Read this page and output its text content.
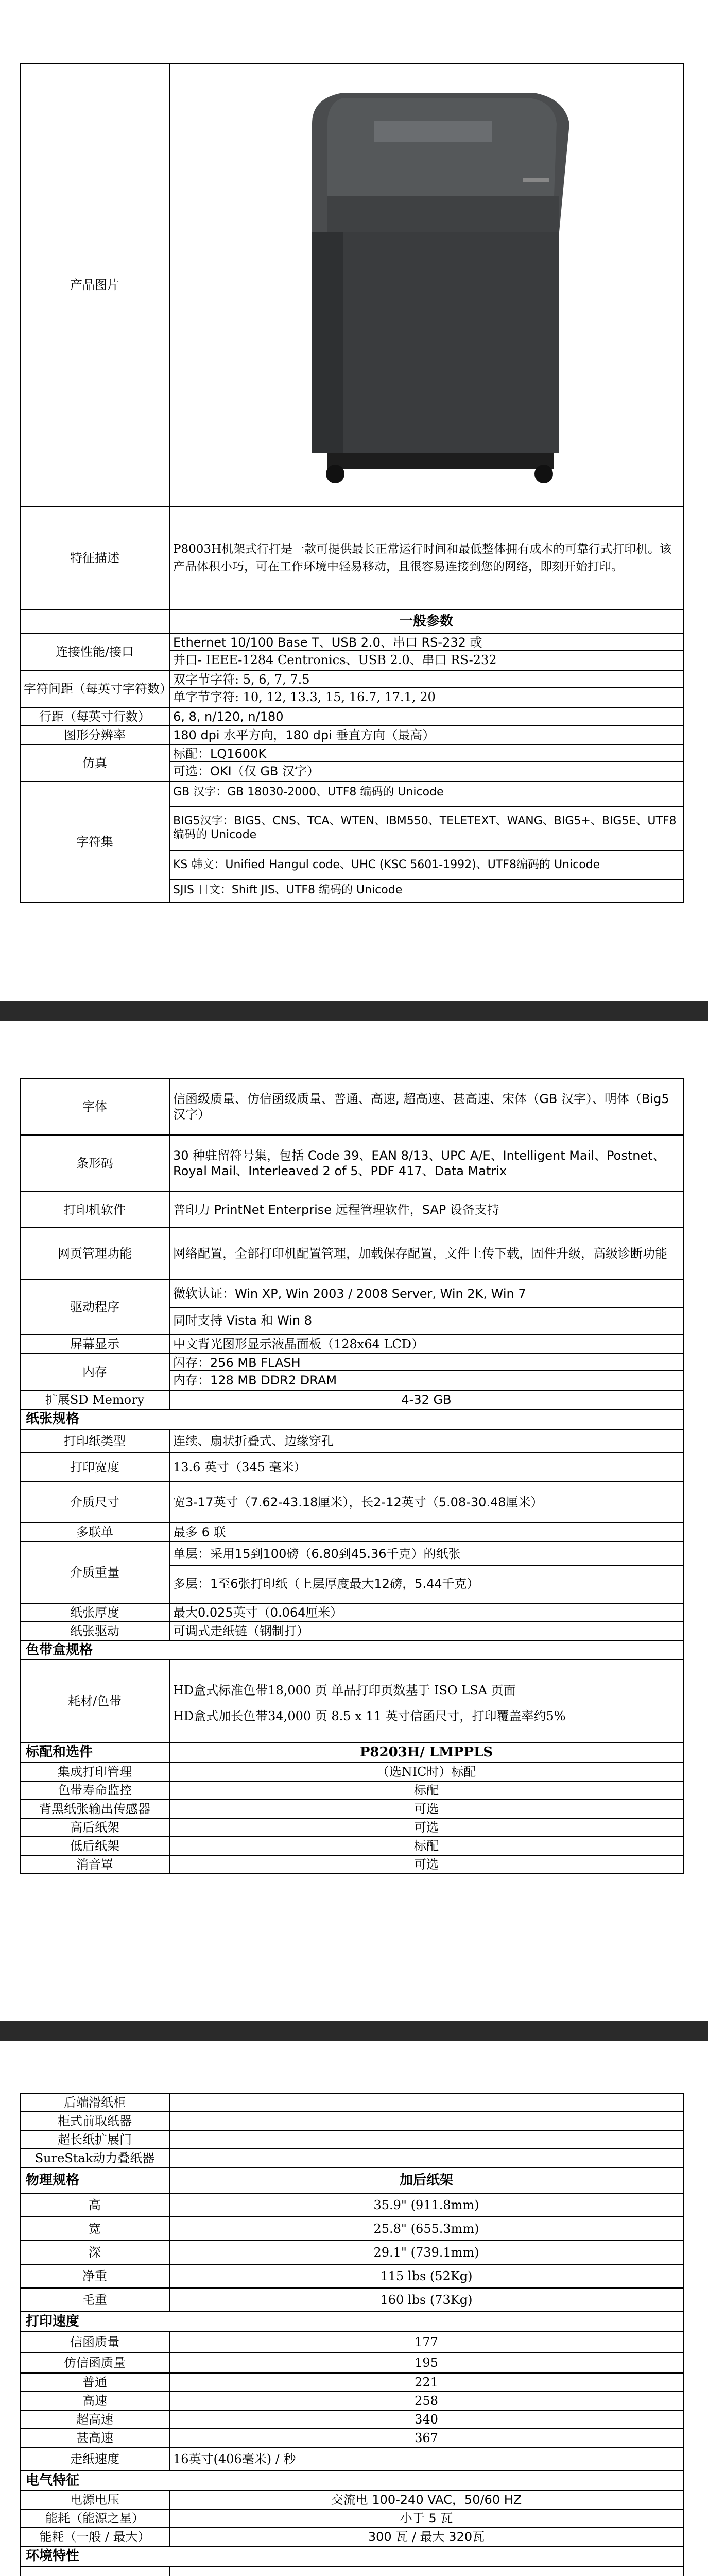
产品图片	
特征描述	P8003H机架式行打是一款可提供最长正常运行时间和最低整体拥有成本的可靠行式打印机。该产品体积小巧，可在工作环境中轻易移动，且很容易连接到您的网络，即刻开始打印。
	一般参数
连接性能/接口	Ethernet 10/100 Base T、USB 2.0、串口 RS-232 或
并口- IEEE-1284 Centronics、USB 2.0、串口 RS-232

字符间距（每英寸字符数）	双字节字符: 5, 6, 7, 7.5
单字节字符: 10, 12, 13.3, 15, 16.7, 17.1, 20

行距（每英寸行数）	6, 8, n/120, n/180
图形分辨率	180 dpi 水平方向，180 dpi 垂直方向（最高）
仿真	标配：LQ1600K
可选：OKI（仅 GB 汉字）

字符集	GB 汉字：GB 18030-2000、UTF8 编码的 Unicode
BIG5汉字：BIG5、CNS、TCA、WTEN、IBM550、TELETEXT、WANG、BIG5+、BIG5E、UTF8 编码的 Unicode
KS 韩文：Unified Hangul code、UHC (KSC 5601-1992)、UTF8编码的 Unicode
SJIS 日文：Shift JIS、UTF8 编码的 Unicode
字体	信函级质量、仿信函级质量、普通、高速, 超高速、甚高速、宋体（GB 汉字）、明体（Big5 汉字）
条形码	30 种驻留符号集，包括 Code 39、EAN 8/13、UPC A/E、Intelligent Mail、Postnet、Royal Mail、Interleaved 2 of 5、PDF 417、Data Matrix
打印机软件	普印力 PrintNet Enterprise 远程管理软件，SAP 设备支持
网页管理功能	网络配置，全部打印机配置管理，加载保存配置，文件上传下载，固件升级，高级诊断功能
驱动程序	微软认证：Win XP, Win 2003 / 2008 Server, Win 2K, Win 7
同时支持 Vista 和 Win 8

屏幕显示	中文背光图形显示液晶面板（128x64 LCD）
内存	闪存：256 MB FLASH
内存：128 MB DDR2 DRAM

扩展SD Memory	4-32 GB
纸张规格	
打印纸类型	连续、扇状折叠式、边缘穿孔
打印宽度	13.6 英寸（345 毫米）
介质尺寸	宽3-17英寸（7.62-43.18厘米），长2-12英寸（5.08-30.48厘米）
多联单	最多 6 联
介质重量	单层：采用15到100磅（6.80到45.36千克）的纸张
多层：1至6张打印纸（上层厚度最大12磅，5.44千克）

纸张厚度	最大0.025英寸（0.064厘米）
纸张驱动	可调式走纸链（钢制打）
色带盒规格	
耗材/色带	HD盒式标准色带18,000 页 单品打印页数基于 ISO LSA 页面
HD盒式加长色带34,000 页 8.5 x 11 英寸信函尺寸，打印覆盖率约5%

标配和选件	P8203H/ LMPPLS
集成打印管理	（选NIC时）标配
色带寿命监控	标配
背黑纸张输出传感器	可选
高后纸架	可选
低后纸架	标配
消音罩	可选
后端滑纸柜	
柜式前取纸器	
超长纸扩展门	
SureStak动力叠纸器	
物理规格	加后纸架
高	35.9" (911.8mm)
宽	25.8" (655.3mm)
深	29.1" (739.1mm)
净重	115 lbs (52Kg)
毛重	160 lbs (73Kg)
打印速度	
信函质量	177
仿信函质量	195
普通	221
高速	258
超高速	340
甚高速	367
走纸速度	16英寸(406毫米) / 秒
电气特征	
电源电压	交流电 100-240 VAC，50/60 HZ
能耗（能源之星）	小于 5 瓦
能耗（一般 / 最大）	300 瓦 / 最大 320瓦
环境特性	
